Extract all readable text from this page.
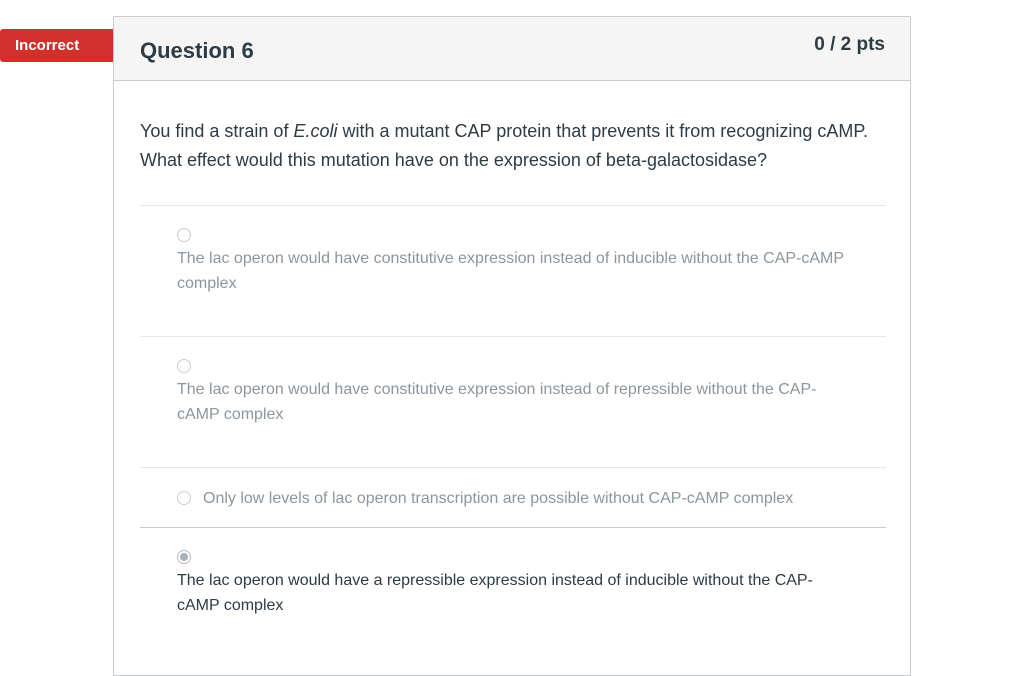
Incorrect	Question 6	0 / 2 pts
You find a strain of E.coli with a mutant CAP protein that prevents it from recognizing cAMP. What effect would this mutation have on the expression of beta-galactosidase?
The lac operon would have constitutive expression instead of inducible without the CAP-cAMP complex
The lac operon would have constitutive expression instead of repressible without the CAP-cAMP complex
Only low levels of lac operon transcription are possible without CAP-cAMP complex
The lac operon would have a repressible expression instead of inducible without the CAP-cAMP complex
